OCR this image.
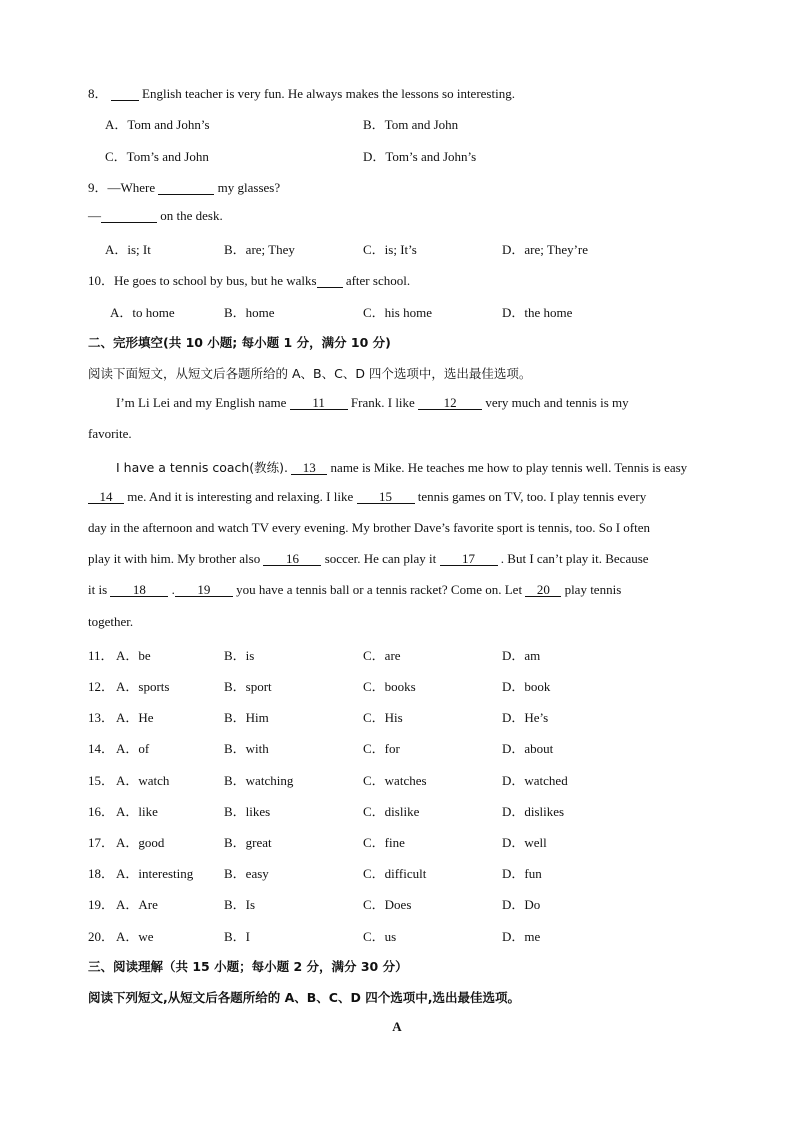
8．	English teacher is very fun. He always makes the lessons so interesting.
A．Tom and John’s	B．Tom and John
C．Tom’s and John	D．Tom’s and John’s
9．—Where	my glasses?
—	on the desk.
A．is; It	B．are; They	C．is; It’s	D．are; They’re
10．He goes to school by bus, but he walks after school.
A．to home	B．home	C．his home	D．the home
二、完形填空(共 10 小题; 每小题 1 分，满分 10 分)
阅读下面短文，从短文后各题所给的 A、B、C、D 四个选项中，选出最佳选项。
I’m Li Lei and my English name 11 Frank. I like 12 very much and tennis is my
favorite.
I have a tennis coach(教练). 13 name is Mike. He teaches me how to play tennis well. Tennis is easy
14 me. And it is interesting and relaxing. I like 15 tennis games on TV, too. I play tennis every
day in the afternoon and watch TV every evening. My brother Dave’s favorite sport is tennis, too. So I often
play it with him. My brother also 16 soccer. He can play it 17 . But I can’t play it. Because
it is 18 . 19 you have a tennis ball or a tennis racket? Come on. Let 20 play tennis
together.
11． A．be	B．is	C．are	D．am
12． A．sports	B．sport	C．books	D．book
13． A．He	B．Him	C．His	D．He’s
14． A．of	B．with	C．for	D．about
15． A．watch	B．watching	C．watches	D．watched
16． A．like	B．likes	C．dislike	D．dislikes
17． A．good	B．great	C．fine	D．well
18． A．interesting B．easy	C．difficult	D．fun
19． A．Are	B．Is	C．Does	D．Do
20． A．we	B．I	C．us	D．me
三、阅读理解（共 15 小题；每小题 2 分，满分 30 分）
阅读下列短文,从短文后各题所给的 A、B、C、D 四个选项中,选出最佳选项。
A
